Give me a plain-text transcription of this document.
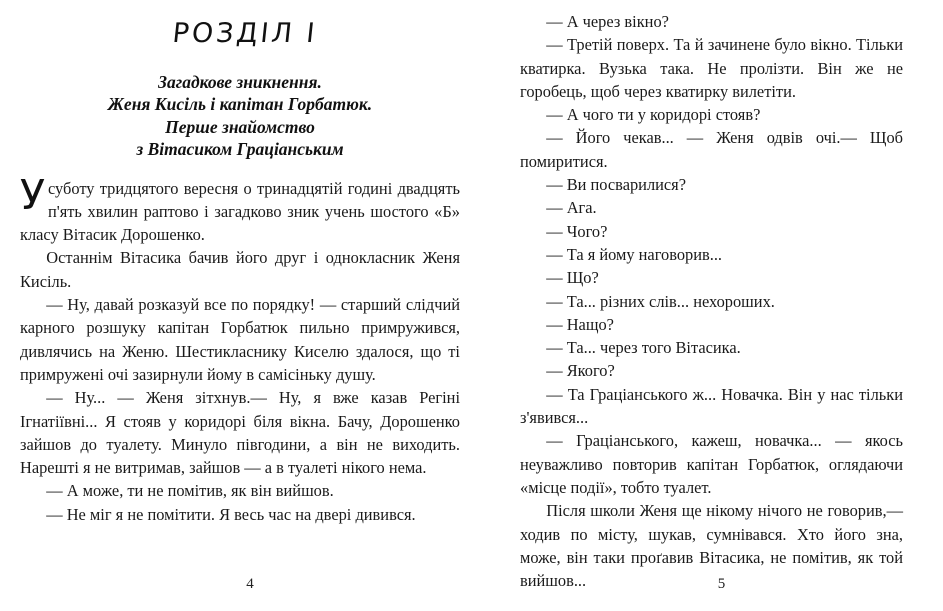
РОЗДІЛ I
Загадкове зникнення.
Женя Кисіль і капітан Горбатюк.
Перше знайомство
з Вітасиком Граціанським

Усуботу тридцятого вересня о тринадцятій годині двадцять п'ять хвилин раптово і загадково зник учень шостого «Б» класу Вітасик Дорошенко.

Останнім Вітасика бачив його друг і однокласник Женя Кисіль.

— Ну, давай розказуй все по порядку! — старший слідчий карного розшуку капітан Горбатюк пильно примружився, дивлячись на Женю. Шестикласнику Киселю здалося, що ті примружені очі зазирнули йому в самісіньку душу.

— Ну... — Женя зітхнув.— Ну, я вже казав Регіні Ігнатіївні... Я стояв у коридорі біля вікна. Бачу, Дорошенко зайшов до туалету. Минуло півгодини, а він не виходить. Нарешті я не витримав, зайшов — а в туалеті нікого нема.

— А може, ти не помітив, як він вийшов.

— Не міг я не помітити. Я весь час на дверi дивився.

4

— А через вікно?

— Третій поверх. Та й зачинене було вікно. Тільки кватирка. Вузька така. Не пролізти. Він же не горобець, щоб через кватирку вилетіти.

— А чого ти у коридорі стояв?

— Його чекав... — Женя одвів очі.— Щоб помиритися.

— Ви посварилися?

— Ага.

— Чого?

— Та я йому наговорив...

— Що?

— Та... різних слів... нехороших.

— Нащо?

— Та... через того Вітасика.

— Якого?

— Та Граціанського ж... Новачка. Він у нас тільки з'явився...

— Граціанського, кажеш, новачка... — якось неуважливо повторив капітан Горбатюк, оглядаючи «місце події», тобто туалет.

Після школи Женя ще нікому нічого не говорив,— ходив по місту, шукав, сумнівався. Хто його зна, може, він таки проґавив Вітасика, не помітив, як той вийшов...	5
